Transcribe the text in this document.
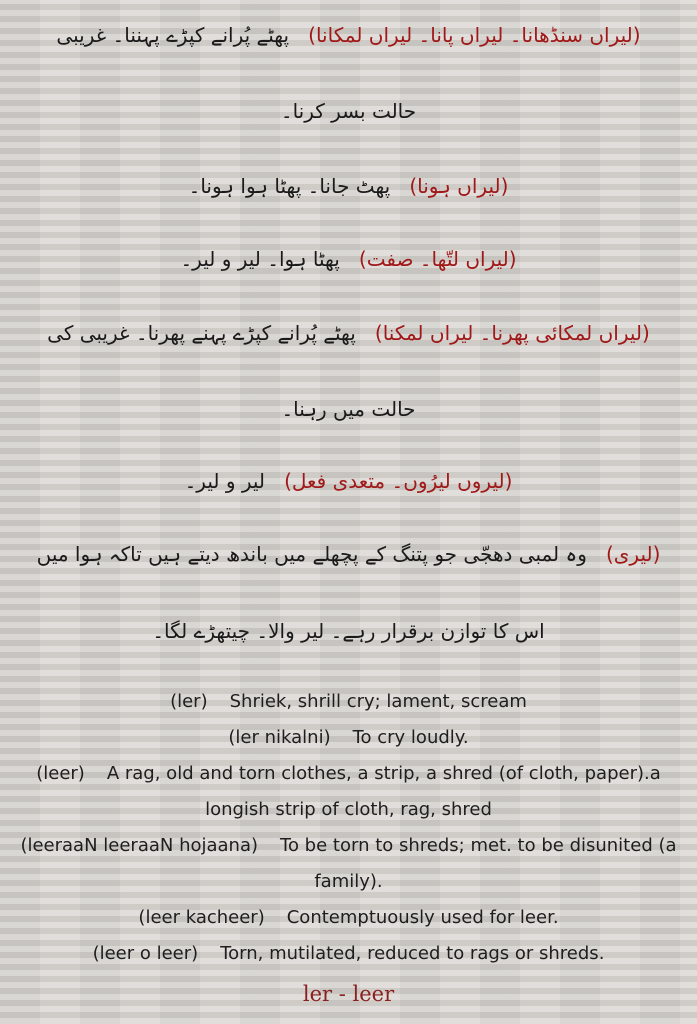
(لیراں سنڈھانا۔ لیراں پانا۔ لیراں لمکانا)   پھٹے پُرانے کپڑے پہننا۔ غریبی

حالت بسر کرنا۔

(لیراں ہونا)   پھٹ جانا۔ پھٹا ہوا ہونا۔

(لیراں لتّھا۔ صفت)   پھٹا ہوا۔ لیر و لیر۔

(لیراں لمکائی پھرنا۔ لیراں لمکنا)   پھٹے پُرانے کپڑے پہنے پھرنا۔ غریبی کی

حالت میں رہنا۔

(لیروں لیرُوں۔ متعدی فعل)   لیر و لیر۔

(لیری)   وہ لمبی دھجّی جو پتنگ کے پچھلے میں باندھ دیتے ہیں تاکہ ہوا میں

اس کا توازن برقرار رہے۔ لیر والا۔ چیتھڑے لگا۔

(ler) Shriek, shrill cry; lament, scream

(ler nikalni) To cry loudly.

(leer) A rag, old and torn clothes, a strip, a shred (of cloth, paper).a longish strip of cloth, rag, shred

(leeraaN leeraaN hojaana) To be torn to shreds; met. to be disunited (a family).

(leer kacheer) Contemptuously used for leer.

(leer o leer) Torn, mutilated, reduced to rags or shreds.

ler - leer
